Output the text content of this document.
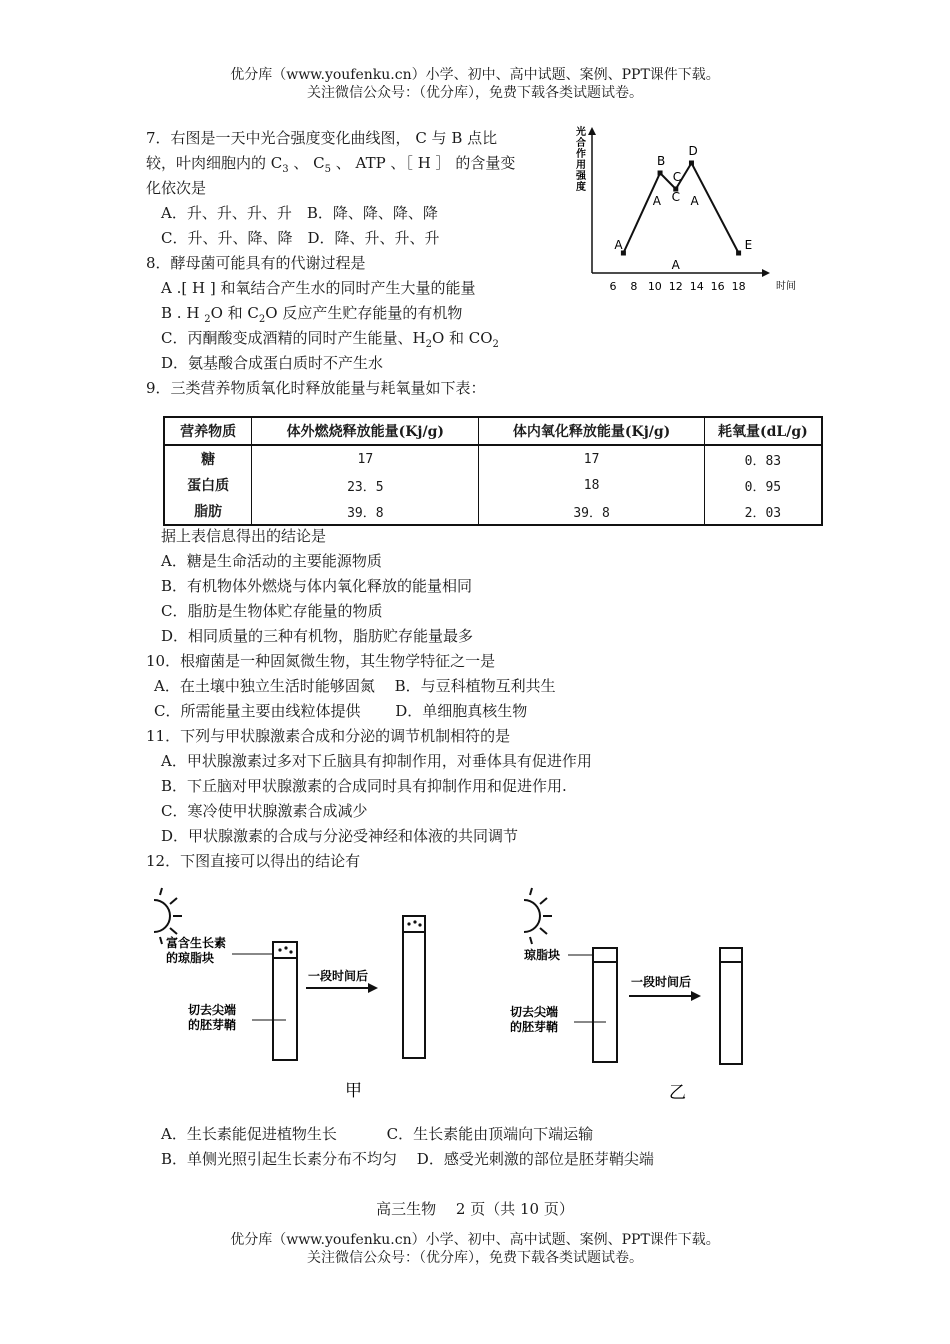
优分库（www.youfenku.cn）小学、初中、高中试题、案例、PPT课件下载。
关注微信公众号：（优分库），免费下载各类试题试卷。
7．右图是一天中光合强度变化曲线图， C 与 B 点比
较，叶肉细胞内的 $C_3$ 、 $C_5$ 、 ATP 、［ H ］ 的含量变
化依次是
A．升、升、升、升　B．降、降、降、降
C．升、升、降、降　D．降、升、升、升
光合作用强度
时间
6 8 10 12 14 16 18
A
B
C
D
E
A C A
A
8．酵母菌可能具有的代谢过程是
A .[ H ] 和氧结合产生水的同时产生大量的能量
B . H $_2$O 和 $C_2O$ 反应产生贮存能量的有机物
C．丙酮酸变成酒精的同时产生能量、$H_2O$ 和 $CO_2$
D．氨基酸合成蛋白质时不产生水
9．三类营养物质氧化时释放能量与耗氧量如下表：
营养物质	体外燃烧释放能量(Kj/g)	体内氧化释放能量(Kj/g)	耗氧量(dL/g)
糖	17	17	0．83
蛋白质	23．5	18	0．95
脂肪	39．8	39．8	2．03
据上表信息得出的结论是
A．糖是生命活动的主要能源物质
B．有机物体外燃烧与体内氧化释放的能量相同
C．脂肪是生物体贮存能量的物质
D．相同质量的三种有机物，脂肪贮存能量最多
10．根瘤菌是一种固氮微生物，其生物学特征之一是
A．在土壤中独立生活时能够固氮　 B．与豆科植物互利共生
C．所需能量主要由线粒体提供　　 D．单细胞真核生物
11．下列与甲状腺激素合成和分泌的调节机制相符的是
A．甲状腺激素过多对下丘脑具有抑制作用，对垂体具有促进作用
B．下丘脑对甲状腺激素的合成同时具有抑制作用和促进作用.
C．寒冷使甲状腺激素合成减少
D．甲状腺激素的合成与分泌受神经和体液的共同调节
12．下图直接可以得出的结论有
富含生长素
的琼脂块
切去尖端
的胚芽鞘
一段时间后
甲
琼脂块
切去尖端
的胚芽鞘
一段时间后
乙
A．生长素能促进植物生长　　　 C．生长素能由顶端向下端运输
B．单侧光照引起生长素分布不均匀　 D．感受光刺激的部位是胚芽鞘尖端
高三生物　 2 页（共 10 页）
优分库（www.youfenku.cn）小学、初中、高中试题、案例、PPT课件下载。
关注微信公众号：（优分库），免费下载各类试题试卷。
